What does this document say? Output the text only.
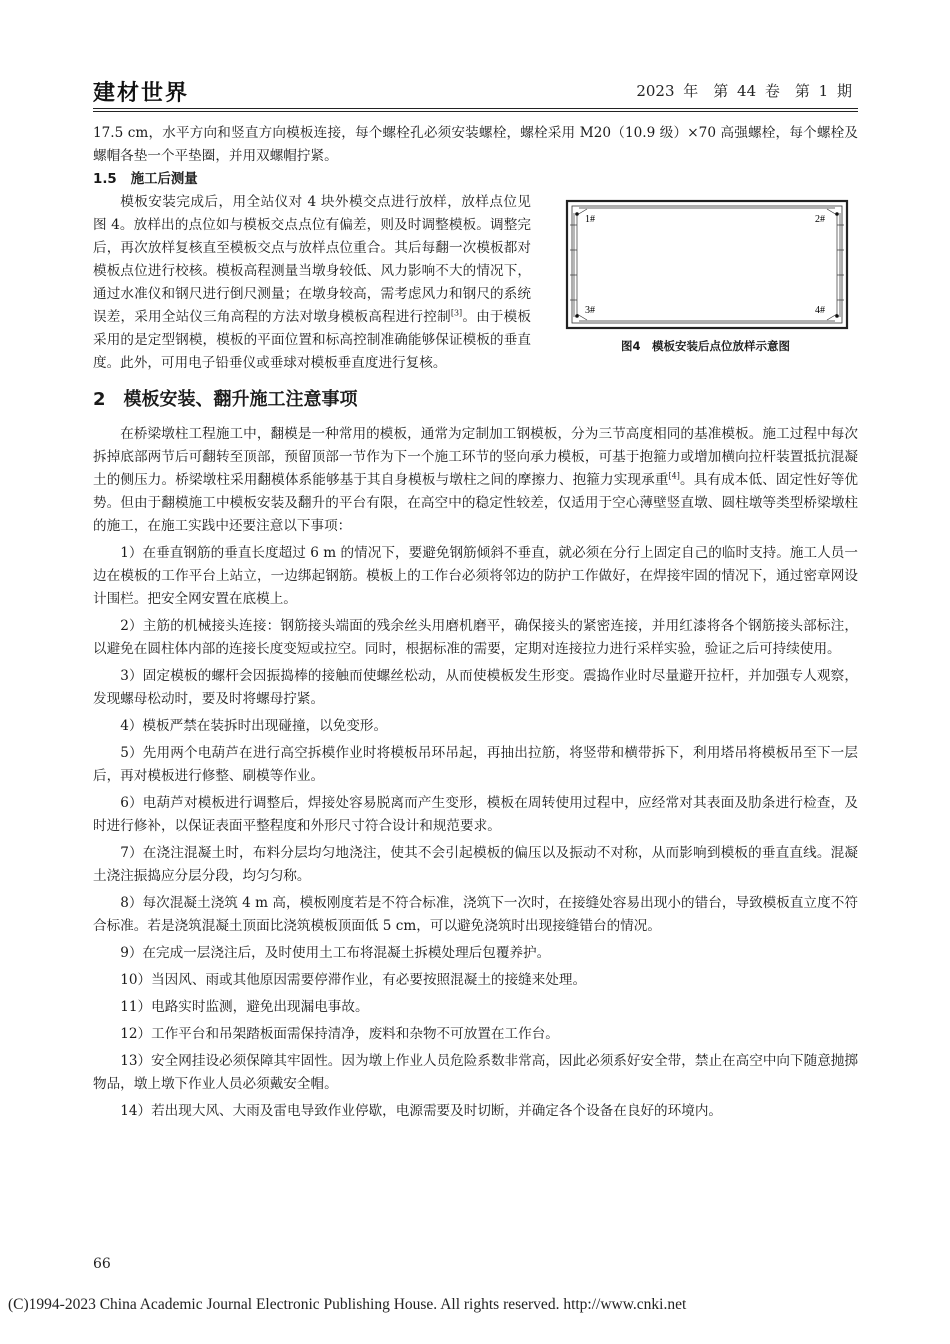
建材世界	2023 年　第 44 卷　第 1 期

17.5 cm，水平方向和竖直方向模板连接，每个螺栓孔必须安装螺栓，螺栓采用 M20（10.9 级）×70 高强螺栓，每个螺栓及螺帽各垫一个平垫圈，并用双螺帽拧紧。

1.5 施工后测量
1#	2#
3#	4#
图4　模板安装后点位放样示意图

模板安装完成后，用全站仪对 4 块外模交点进行放样，放样点位见图 4。放样出的点位如与模板交点点位有偏差，则及时调整模板。调整完后，再次放样复核直至模板交点与放样点位重合。其后每翻一次模板都对模板点位进行校核。模板高程测量当墩身较低、风力影响不大的情况下，通过水准仪和钢尺进行倒尺测量；在墩身较高，需考虑风力和钢尺的系统误差，采用全站仪三角高程的方法对墩身模板高程进行控制[3]。由于模板采用的是定型钢模，模板的平面位置和标高控制准确能够保证模板的垂直度。此外，可用电子铅垂仪或垂球对模板垂直度进行复核。

2 模板安装、翻升施工注意事项

在桥梁墩柱工程施工中，翻模是一种常用的模板，通常为定制加工钢模板，分为三节高度相同的基准模板。施工过程中每次拆掉底部两节后可翻转至顶部，预留顶部一节作为下一个施工环节的竖向承力模板，可基于抱箍力或增加横向拉杆装置抵抗混凝土的侧压力。桥梁墩柱采用翻模体系能够基于其自身模板与墩柱之间的摩擦力、抱箍力实现承重[4]。具有成本低、固定性好等优势。但由于翻模施工中模板安装及翻升的平台有限，在高空中的稳定性较差，仅适用于空心薄壁竖直墩、圆柱墩等类型桥梁墩柱的施工，在施工实践中还要注意以下事项：

1）在垂直钢筋的垂直长度超过 6 m 的情况下，要避免钢筋倾斜不垂直，就必须在分行上固定自己的临时支持。施工人员一边在模板的工作平台上站立，一边绑起钢筋。模板上的工作台必须将邻边的防护工作做好，在焊接牢固的情况下，通过密章网设计围栏。把安全网安置在底模上。

2）主筋的机械接头连接：钢筋接头端面的残余丝头用磨机磨平，确保接头的紧密连接，并用红漆将各个钢筋接头部标注，以避免在圆柱体内部的连接长度变短或拉空。同时，根据标准的需要，定期对连接拉力进行采样实验，验证之后可持续使用。

3）固定模板的螺杆会因振捣棒的接触而使螺丝松动，从而使模板发生形变。震捣作业时尽量避开拉杆，并加强专人观察，发现螺母松动时，要及时将螺母拧紧。

4）模板严禁在装拆时出现碰撞，以免变形。

5）先用两个电葫芦在进行高空拆模作业时将模板吊环吊起，再抽出拉筋，将竖带和横带拆下，利用塔吊将模板吊至下一层后，再对模板进行修整、刷模等作业。

6）电葫芦对模板进行调整后，焊接处容易脱离而产生变形，模板在周转使用过程中，应经常对其表面及肋条进行检查，及时进行修补，以保证表面平整程度和外形尺寸符合设计和规范要求。

7）在浇注混凝土时，布料分层均匀地浇注，使其不会引起模板的偏压以及振动不对称，从而影响到模板的垂直直线。混凝土浇注振捣应分层分段，均匀匀称。

8）每次混凝土浇筑 4 m 高，模板刚度若是不符合标准，浇筑下一次时，在接缝处容易出现小的错台，导致模板直立度不符合标准。若是浇筑混凝土顶面比浇筑模板顶面低 5 cm，可以避免浇筑时出现接缝错台的情况。

9）在完成一层浇注后，及时使用土工布将混凝土拆模处理后包覆养护。

10）当因风、雨或其他原因需要停滞作业，有必要按照混凝土的接缝来处理。

11）电路实时监测，避免出现漏电事故。

12）工作平台和吊架踏板面需保持清净，废料和杂物不可放置在工作台。

13）安全网挂设必须保障其牢固性。因为墩上作业人员危险系数非常高，因此必须系好安全带，禁止在高空中向下随意抛掷物品，墩上墩下作业人员必须戴安全帽。

14）若出现大风、大雨及雷电导致作业停歇，电源需要及时切断，并确定各个设备在良好的环境内。

66
(C)1994-2023 China Academic Journal Electronic Publishing House. All rights reserved. http://www.cnki.net
